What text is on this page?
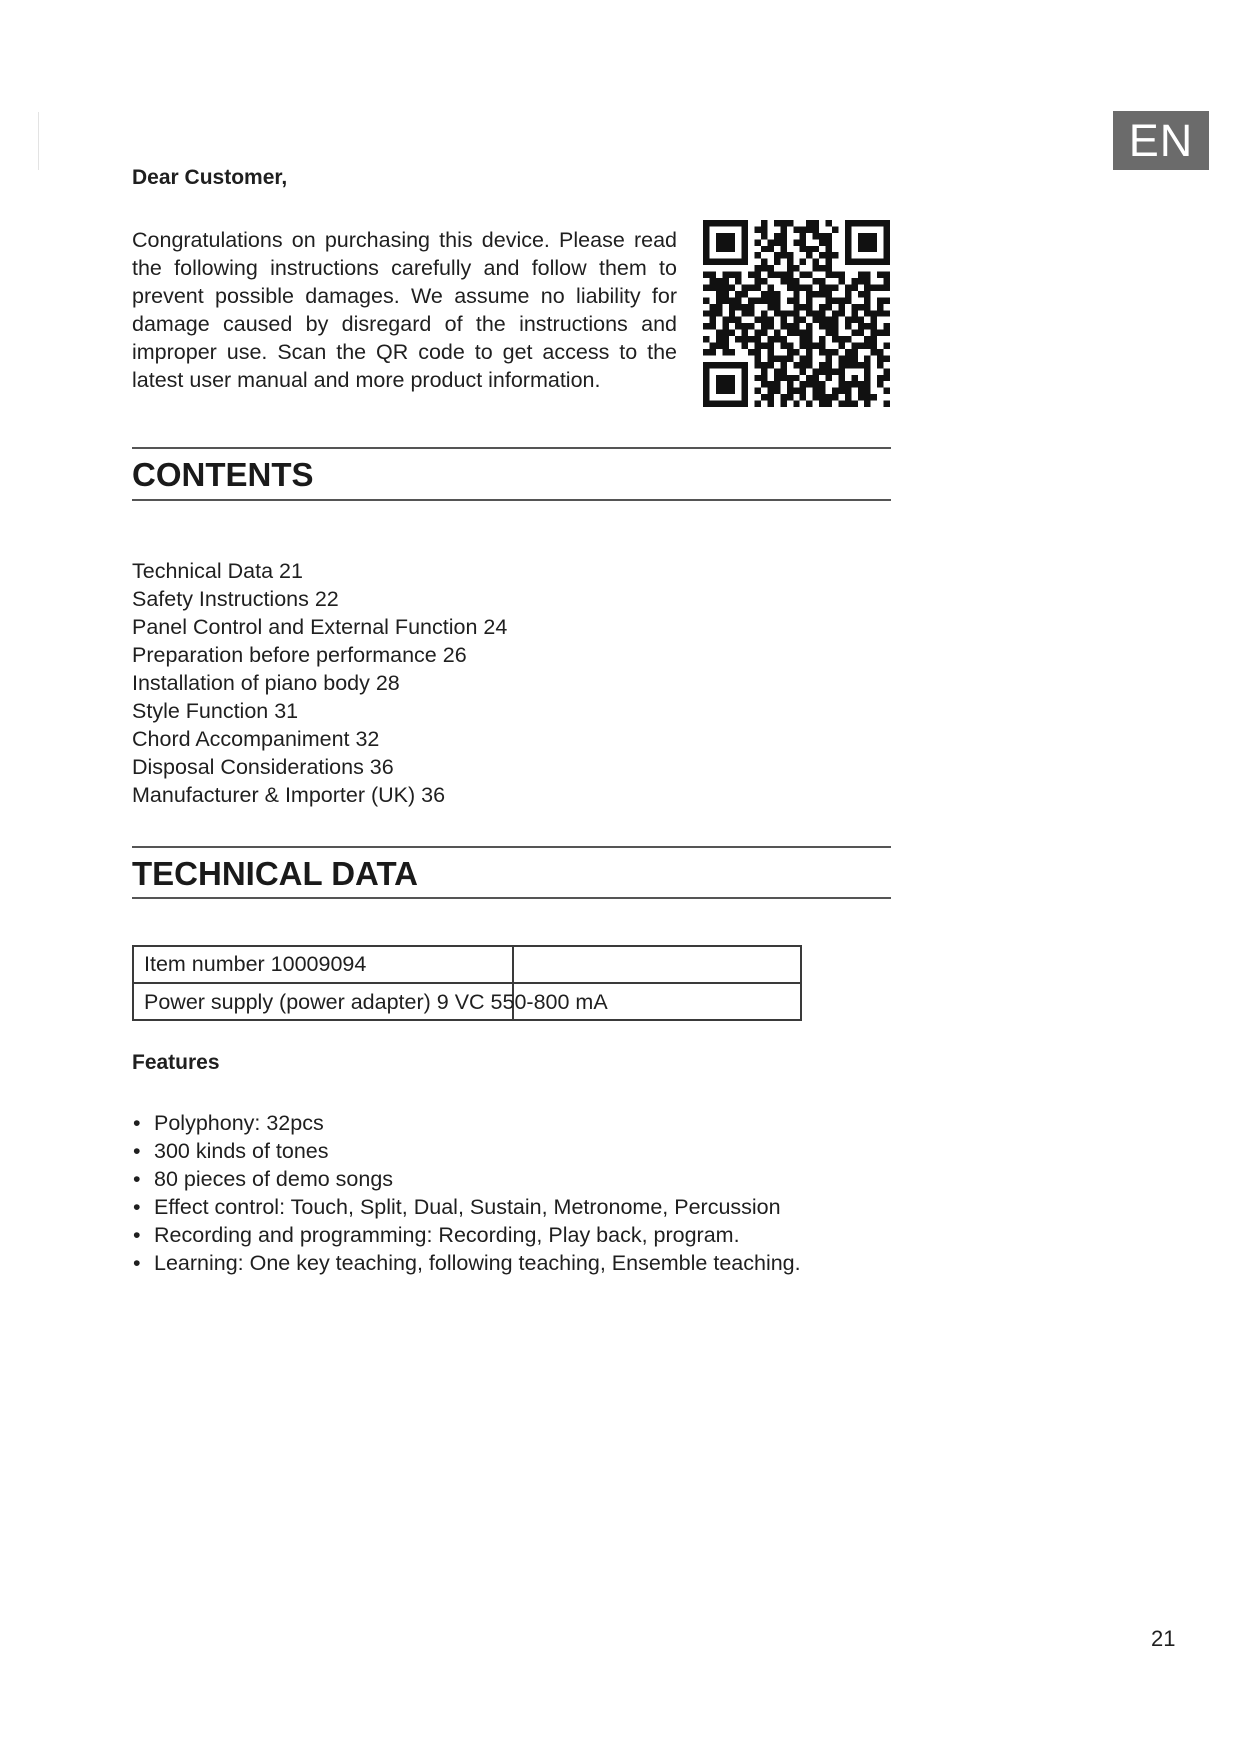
EN
Dear Customer,
Congratulations on purchasing this device. Please read the following instructions carefully and follow them to prevent possible damages. We assume no liability for damage caused by disregard of the instructions and improper use. Scan the QR code to get access to the latest user manual and more product information.
CONTENTS
Technical Data 21
Safety Instructions 22
Panel Control and External Function 24
Preparation before performance 26
Installation of piano body 28
Style Function 31
Chord Accompaniment 32
Disposal Considerations 36
Manufacturer & Importer (UK) 36
TECHNICAL DATA
Item number 10009094	

Power supply (power adapter) 9 VC 550-800 mA	

Features
• Polyphony: 32pcs
• 300 kinds of tones
• 80 pieces of demo songs
• Effect control: Touch, Split, Dual, Sustain, Metronome, Percussion
• Recording and programming: Recording, Play back, program.
• Learning: One key teaching, following teaching, Ensemble teaching.
21
